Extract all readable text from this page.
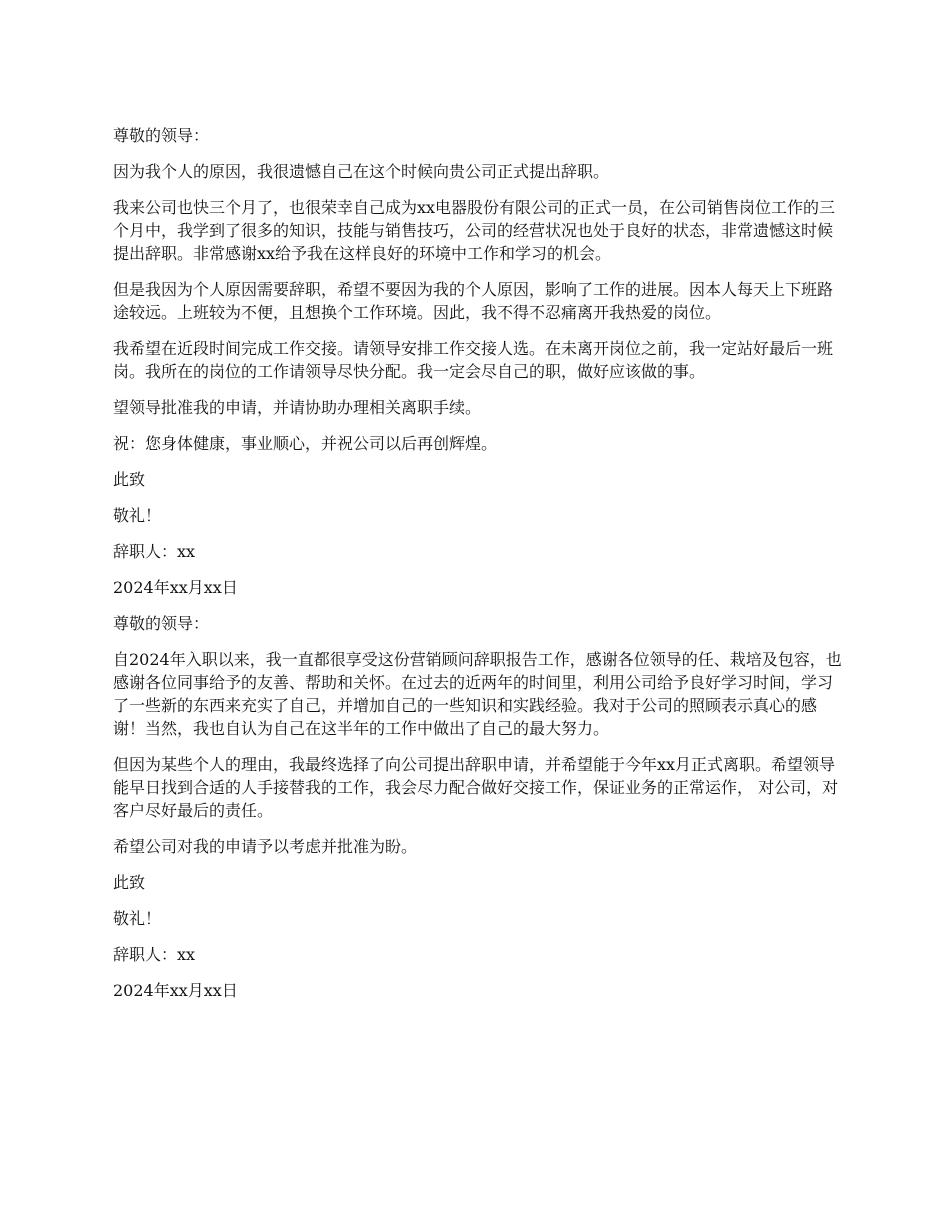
尊敬的领导：

因为我个人的原因，我很遗憾自己在这个时候向贵公司正式提出辞职。

我来公司也快三个月了，也很荣幸自己成为xx电器股份有限公司的正式一员，在公司销售岗位工作的三个月中，我学到了很多的知识，技能与销售技巧，公司的经营状况也处于良好的状态，非常遗憾这时候提出辞职。非常感谢xx给予我在这样良好的环境中工作和学习的机会。

但是我因为个人原因需要辞职，希望不要因为我的个人原因，影响了工作的进展。因本人每天上下班路途较远。上班较为不便，且想换个工作环境。因此，我不得不忍痛离开我热爱的岗位。

我希望在近段时间完成工作交接。请领导安排工作交接人选。在未离开岗位之前，我一定站好最后一班岗。我所在的岗位的工作请领导尽快分配。我一定会尽自己的职，做好应该做的事。

望领导批准我的申请，并请协助办理相关离职手续。

祝：您身体健康，事业顺心，并祝公司以后再创辉煌。

此致

敬礼！

辞职人：xx

2024年xx月xx日

尊敬的领导：

自2024年入职以来，我一直都很享受这份营销顾问辞职报告工作，感谢各位领导的任、栽培及包容，也感谢各位同事给予的友善、帮助和关怀。在过去的近两年的时间里，利用公司给予良好学习时间，学习了一些新的东西来充实了自己，并增加自己的一些知识和实践经验。我对于公司的照顾表示真心的感谢！当然，我也自认为自己在这半年的工作中做出了自己的最大努力。

但因为某些个人的理由，我最终选择了向公司提出辞职申请，并希望能于今年xx月正式离职。希望领导能早日找到合适的人手接替我的工作，我会尽力配合做好交接工作，保证业务的正常运作， 对公司，对客户尽好最后的责任。

希望公司对我的申请予以考虑并批准为盼。

此致

敬礼！

辞职人：xx

2024年xx月xx日
